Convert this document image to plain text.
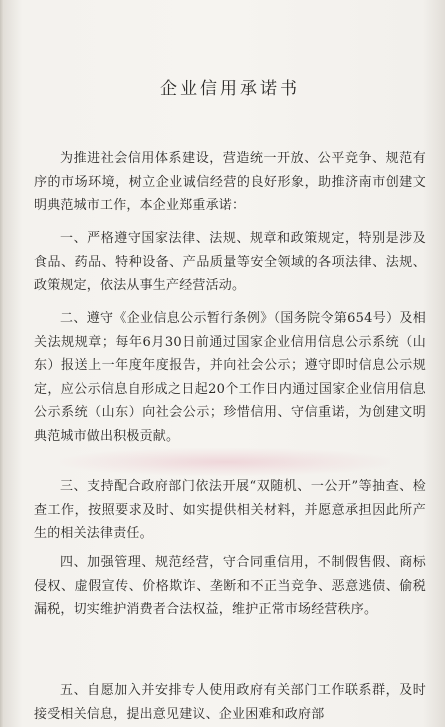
企业信用承诺书

为推进社会信用体系建设，营造统一开放、公平竞争、规范有序的市场环境，树立企业诚信经营的良好形象，助推济南市创建文明典范城市工作，本企业郑重承诺：

一、严格遵守国家法律、法规、规章和政策规定，特别是涉及食品、药品、特种设备、产品质量等安全领域的各项法律、法规、政策规定，依法从事生产经营活动。

二、遵守《企业信息公示暂行条例》（国务院令第654号）及相关法规规章；每年6月30日前通过国家企业信用信息公示系统（山东）报送上一年度年度报告，并向社会公示；遵守即时信息公示规定，应公示信息自形成之日起20个工作日内通过国家企业信用信息公示系统（山东）向社会公示；珍惜信用、守信重诺，为创建文明典范城市做出积极贡献。

三、支持配合政府部门依法开展“双随机、一公开”等抽查、检查工作，按照要求及时、如实提供相关材料，并愿意承担因此所产生的相关法律责任。

四、加强管理、规范经营，守合同重信用，不制假售假、商标侵权、虚假宣传、价格欺诈、垄断和不正当竞争、恶意逃债、偷税漏税，切实维护消费者合法权益，维护正常市场经营秩序。

五、自愿加入并安排专人使用政府有关部门工作联系群，及时接受相关信息，提出意见建议、企业困难和政府部
